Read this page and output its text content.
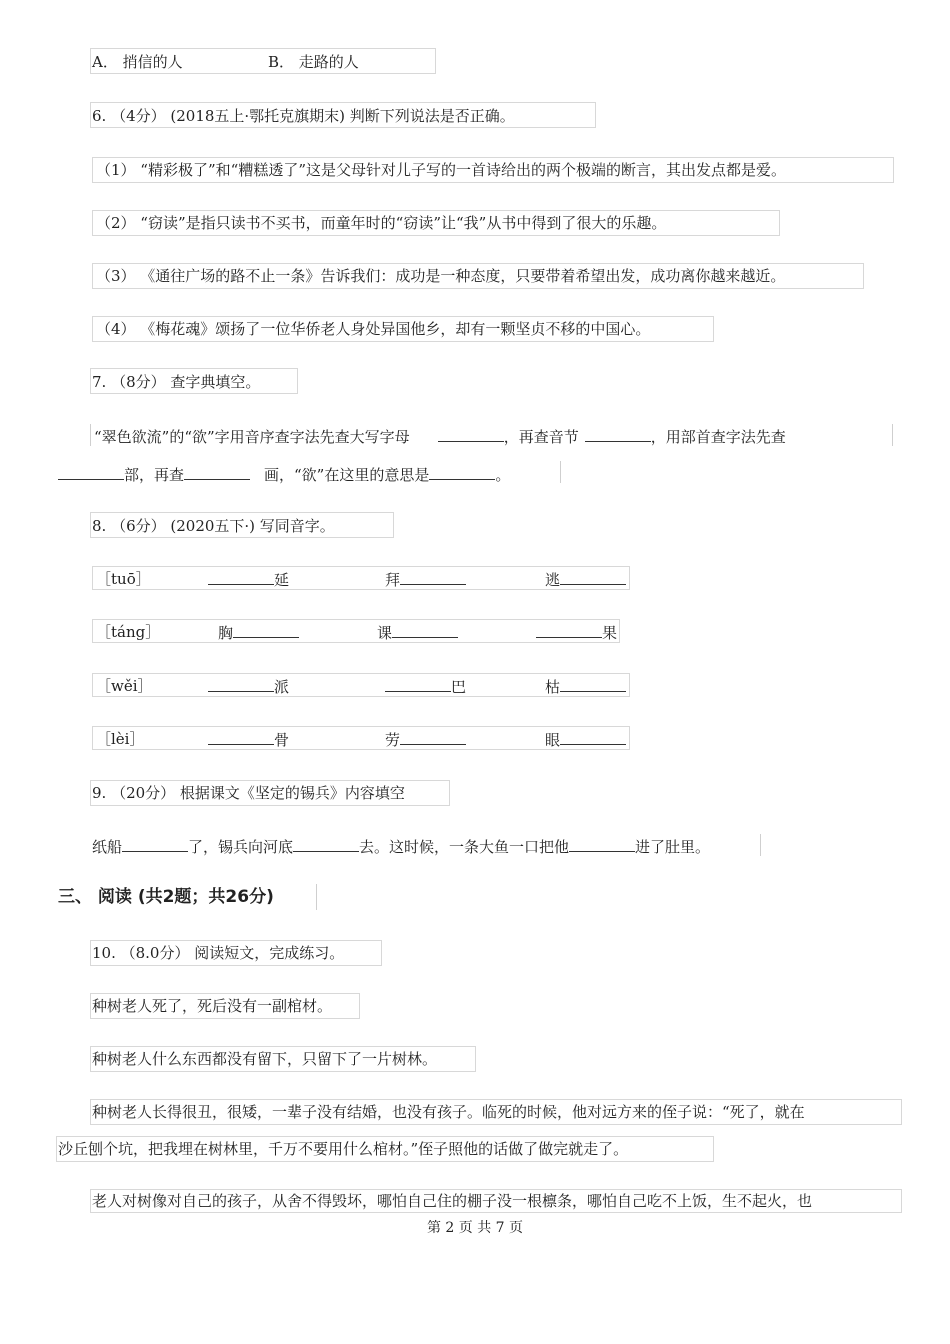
A． 捎信的人	B． 走路的人
6. （4分） (2018五上·鄂托克旗期末) 判断下列说法是否正确。
（1） “精彩极了”和“糟糕透了”这是父母针对儿子写的一首诗给出的两个极端的断言，其出发点都是爱。
（2） “窃读”是指只读书不买书，而童年时的“窃读”让“我”从书中得到了很大的乐趣。
（3） 《通往广场的路不止一条》告诉我们：成功是一种态度，只要带着希望出发，成功离你越来越近。
（4） 《梅花魂》颂扬了一位华侨老人身处异国他乡，却有一颗坚贞不移的中国心。
7. （8分） 查字典填空。
“翠色欲流”的“欲”字用音序查字法先查大写字母	，再查音节	，用部首查字法先查
部，再查	画，“欲”在这里的意思是	。
8. （6分） (2020五下·) 写同音字。
［tuō］	延	拜	逃
［táng］	胸	课	果
［wěi］	派	巴	枯
［lèi］	骨	劳	眼
9. （20分） 根据课文《坚定的锡兵》内容填空
纸船	了，锡兵向河底	去。这时候，一条大鱼一口把他	进了肚里。
三、 阅读 (共2题；共26分)
10. （8.0分） 阅读短文，完成练习。
种树老人死了，死后没有一副棺材。
种树老人什么东西都没有留下，只留下了一片树林。
种树老人长得很丑，很矮，一辈子没有结婚，也没有孩子。临死的时候，他对远方来的侄子说：“死了，就在
沙丘刨个坑，把我埋在树林里，千万不要用什么棺材。”侄子照他的话做了做完就走了。
老人对树像对自己的孩子，从舍不得毁坏，哪怕自己住的棚子没一根檩条，哪怕自己吃不上饭，生不起火，也
第 2 页 共 7 页
